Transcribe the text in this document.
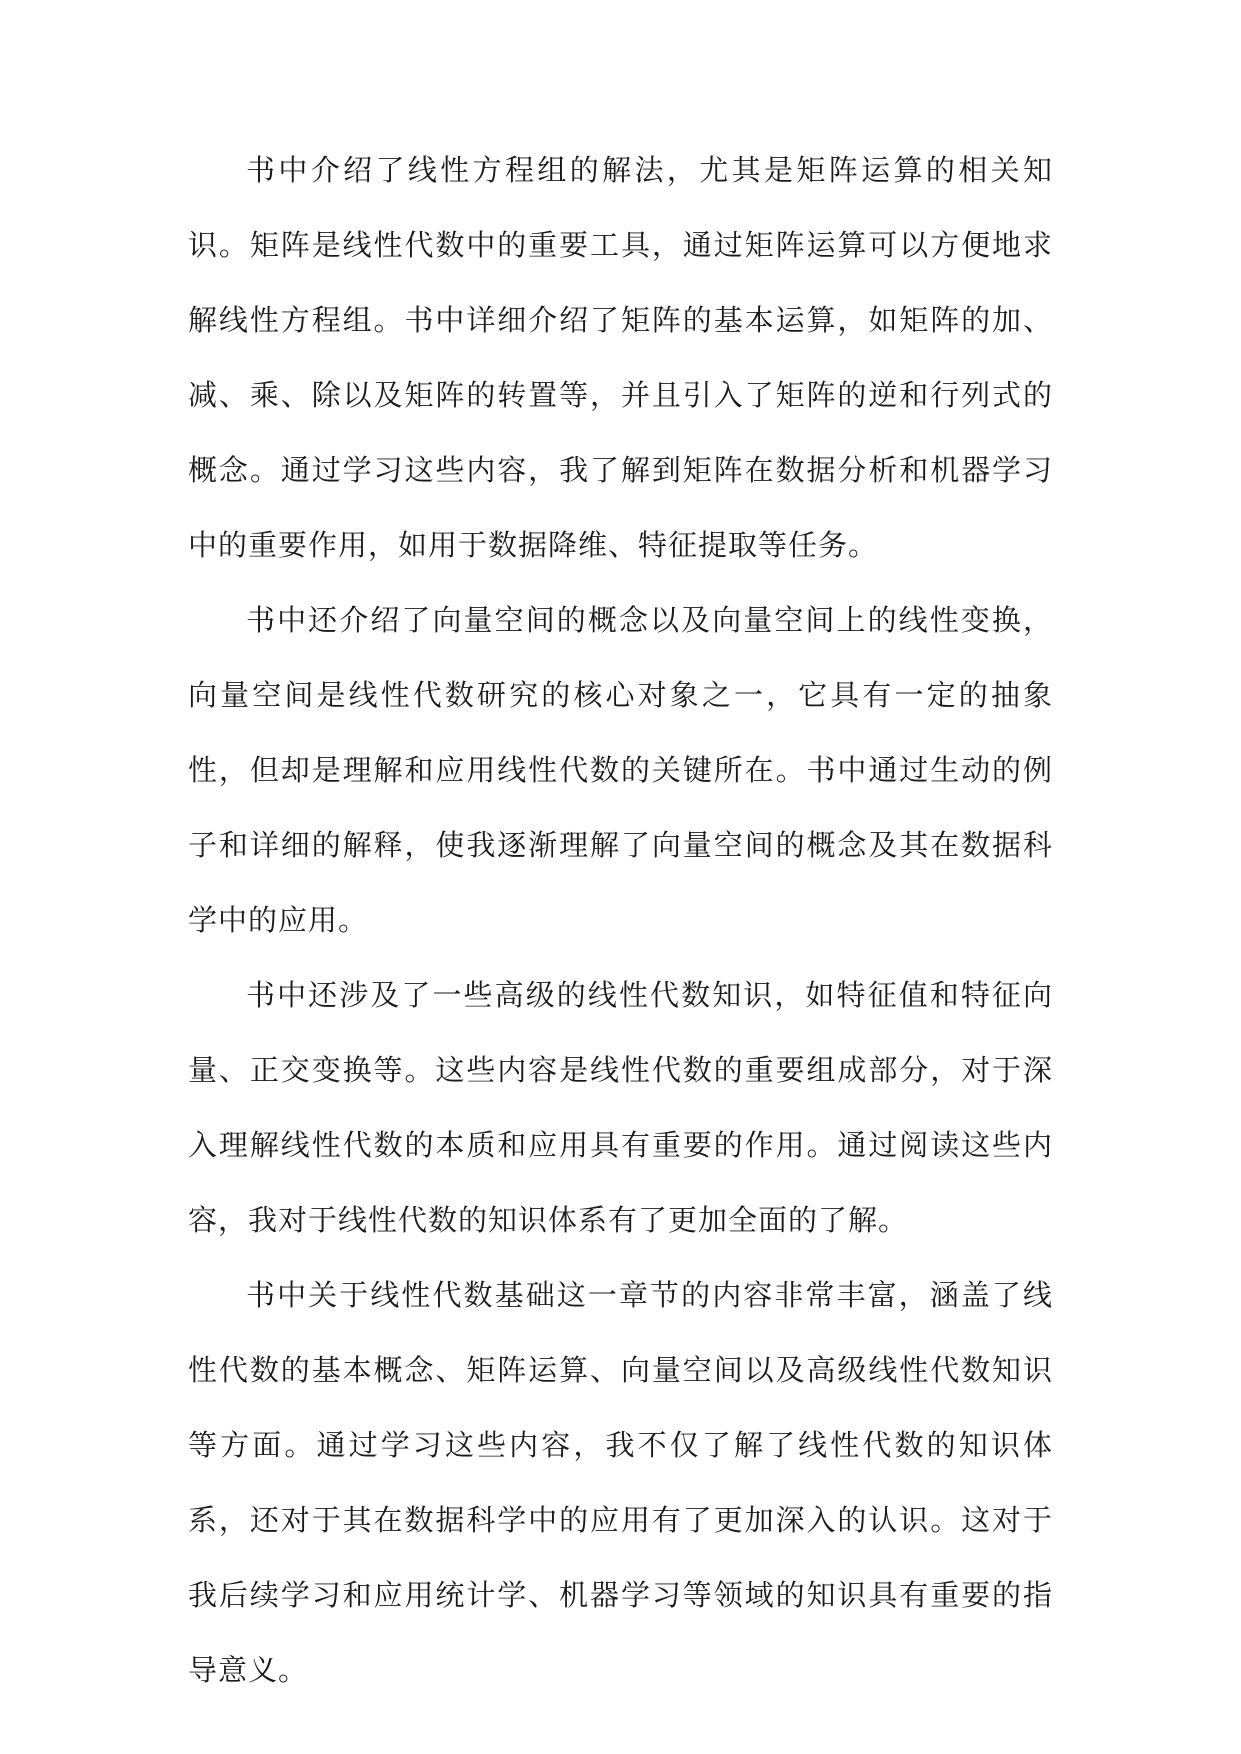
书中介绍了线性方程组的解法，尤其是矩阵运算的相关知识。矩阵是线性代数中的重要工具，通过矩阵运算可以方便地求解线性方程组。书中详细介绍了矩阵的基本运算，如矩阵的加、减、乘、除以及矩阵的转置等，并且引入了矩阵的逆和行列式的概念。通过学习这些内容，我了解到矩阵在数据分析和机器学习中的重要作用，如用于数据降维、特征提取等任务。

书中还介绍了向量空间的概念以及向量空间上的线性变换，向量空间是线性代数研究的核心对象之一，它具有一定的抽象性，但却是理解和应用线性代数的关键所在。书中通过生动的例子和详细的解释，使我逐渐理解了向量空间的概念及其在数据科学中的应用。

书中还涉及了一些高级的线性代数知识，如特征值和特征向量、正交变换等。这些内容是线性代数的重要组成部分，对于深入理解线性代数的本质和应用具有重要的作用。通过阅读这些内容，我对于线性代数的知识体系有了更加全面的了解。

书中关于线性代数基础这一章节的内容非常丰富，涵盖了线性代数的基本概念、矩阵运算、向量空间以及高级线性代数知识等方面。通过学习这些内容，我不仅了解了线性代数的知识体系，还对于其在数据科学中的应用有了更加深入的认识。这对于我后续学习和应用统计学、机器学习等领域的知识具有重要的指导意义。
